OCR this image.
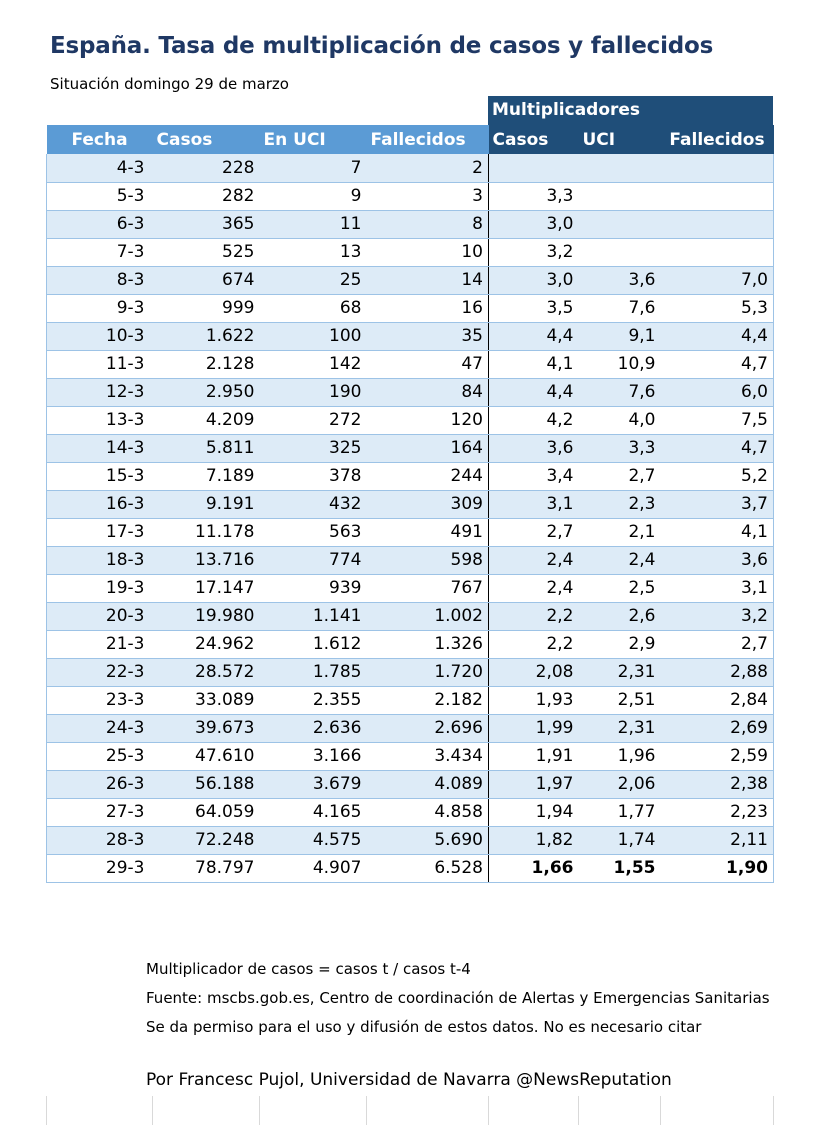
España. Tasa de multiplicación de casos y fallecidos
Situación domingo 29 de marzo
Multiplicadores
Fecha	Casos	En UCI	Fallecidos	Casos	UCI	Fallecidos
4-3	228	7	2			
5-3	282	9	3	3,3		
6-3	365	11	8	3,0		
7-3	525	13	10	3,2		
8-3	674	25	14	3,0	3,6	7,0
9-3	999	68	16	3,5	7,6	5,3
10-3	1.622	100	35	4,4	9,1	4,4
11-3	2.128	142	47	4,1	10,9	4,7
12-3	2.950	190	84	4,4	7,6	6,0
13-3	4.209	272	120	4,2	4,0	7,5
14-3	5.811	325	164	3,6	3,3	4,7
15-3	7.189	378	244	3,4	2,7	5,2
16-3	9.191	432	309	3,1	2,3	3,7
17-3	11.178	563	491	2,7	2,1	4,1
18-3	13.716	774	598	2,4	2,4	3,6
19-3	17.147	939	767	2,4	2,5	3,1
20-3	19.980	1.141	1.002	2,2	2,6	3,2
21-3	24.962	1.612	1.326	2,2	2,9	2,7
22-3	28.572	1.785	1.720	2,08	2,31	2,88
23-3	33.089	2.355	2.182	1,93	2,51	2,84
24-3	39.673	2.636	2.696	1,99	2,31	2,69
25-3	47.610	3.166	3.434	1,91	1,96	2,59
26-3	56.188	3.679	4.089	1,97	2,06	2,38
27-3	64.059	4.165	4.858	1,94	1,77	2,23
28-3	72.248	4.575	5.690	1,82	1,74	2,11
29-3	78.797	4.907	6.528	1,66	1,55	1,90
Multiplicador de casos = casos t / casos t-4
Fuente: mscbs.gob.es, Centro de coordinación de Alertas y Emergencias Sanitarias
Se da permiso para el uso y difusión de estos datos. No es necesario citar
Por Francesc Pujol, Universidad de Navarra @NewsReputation
